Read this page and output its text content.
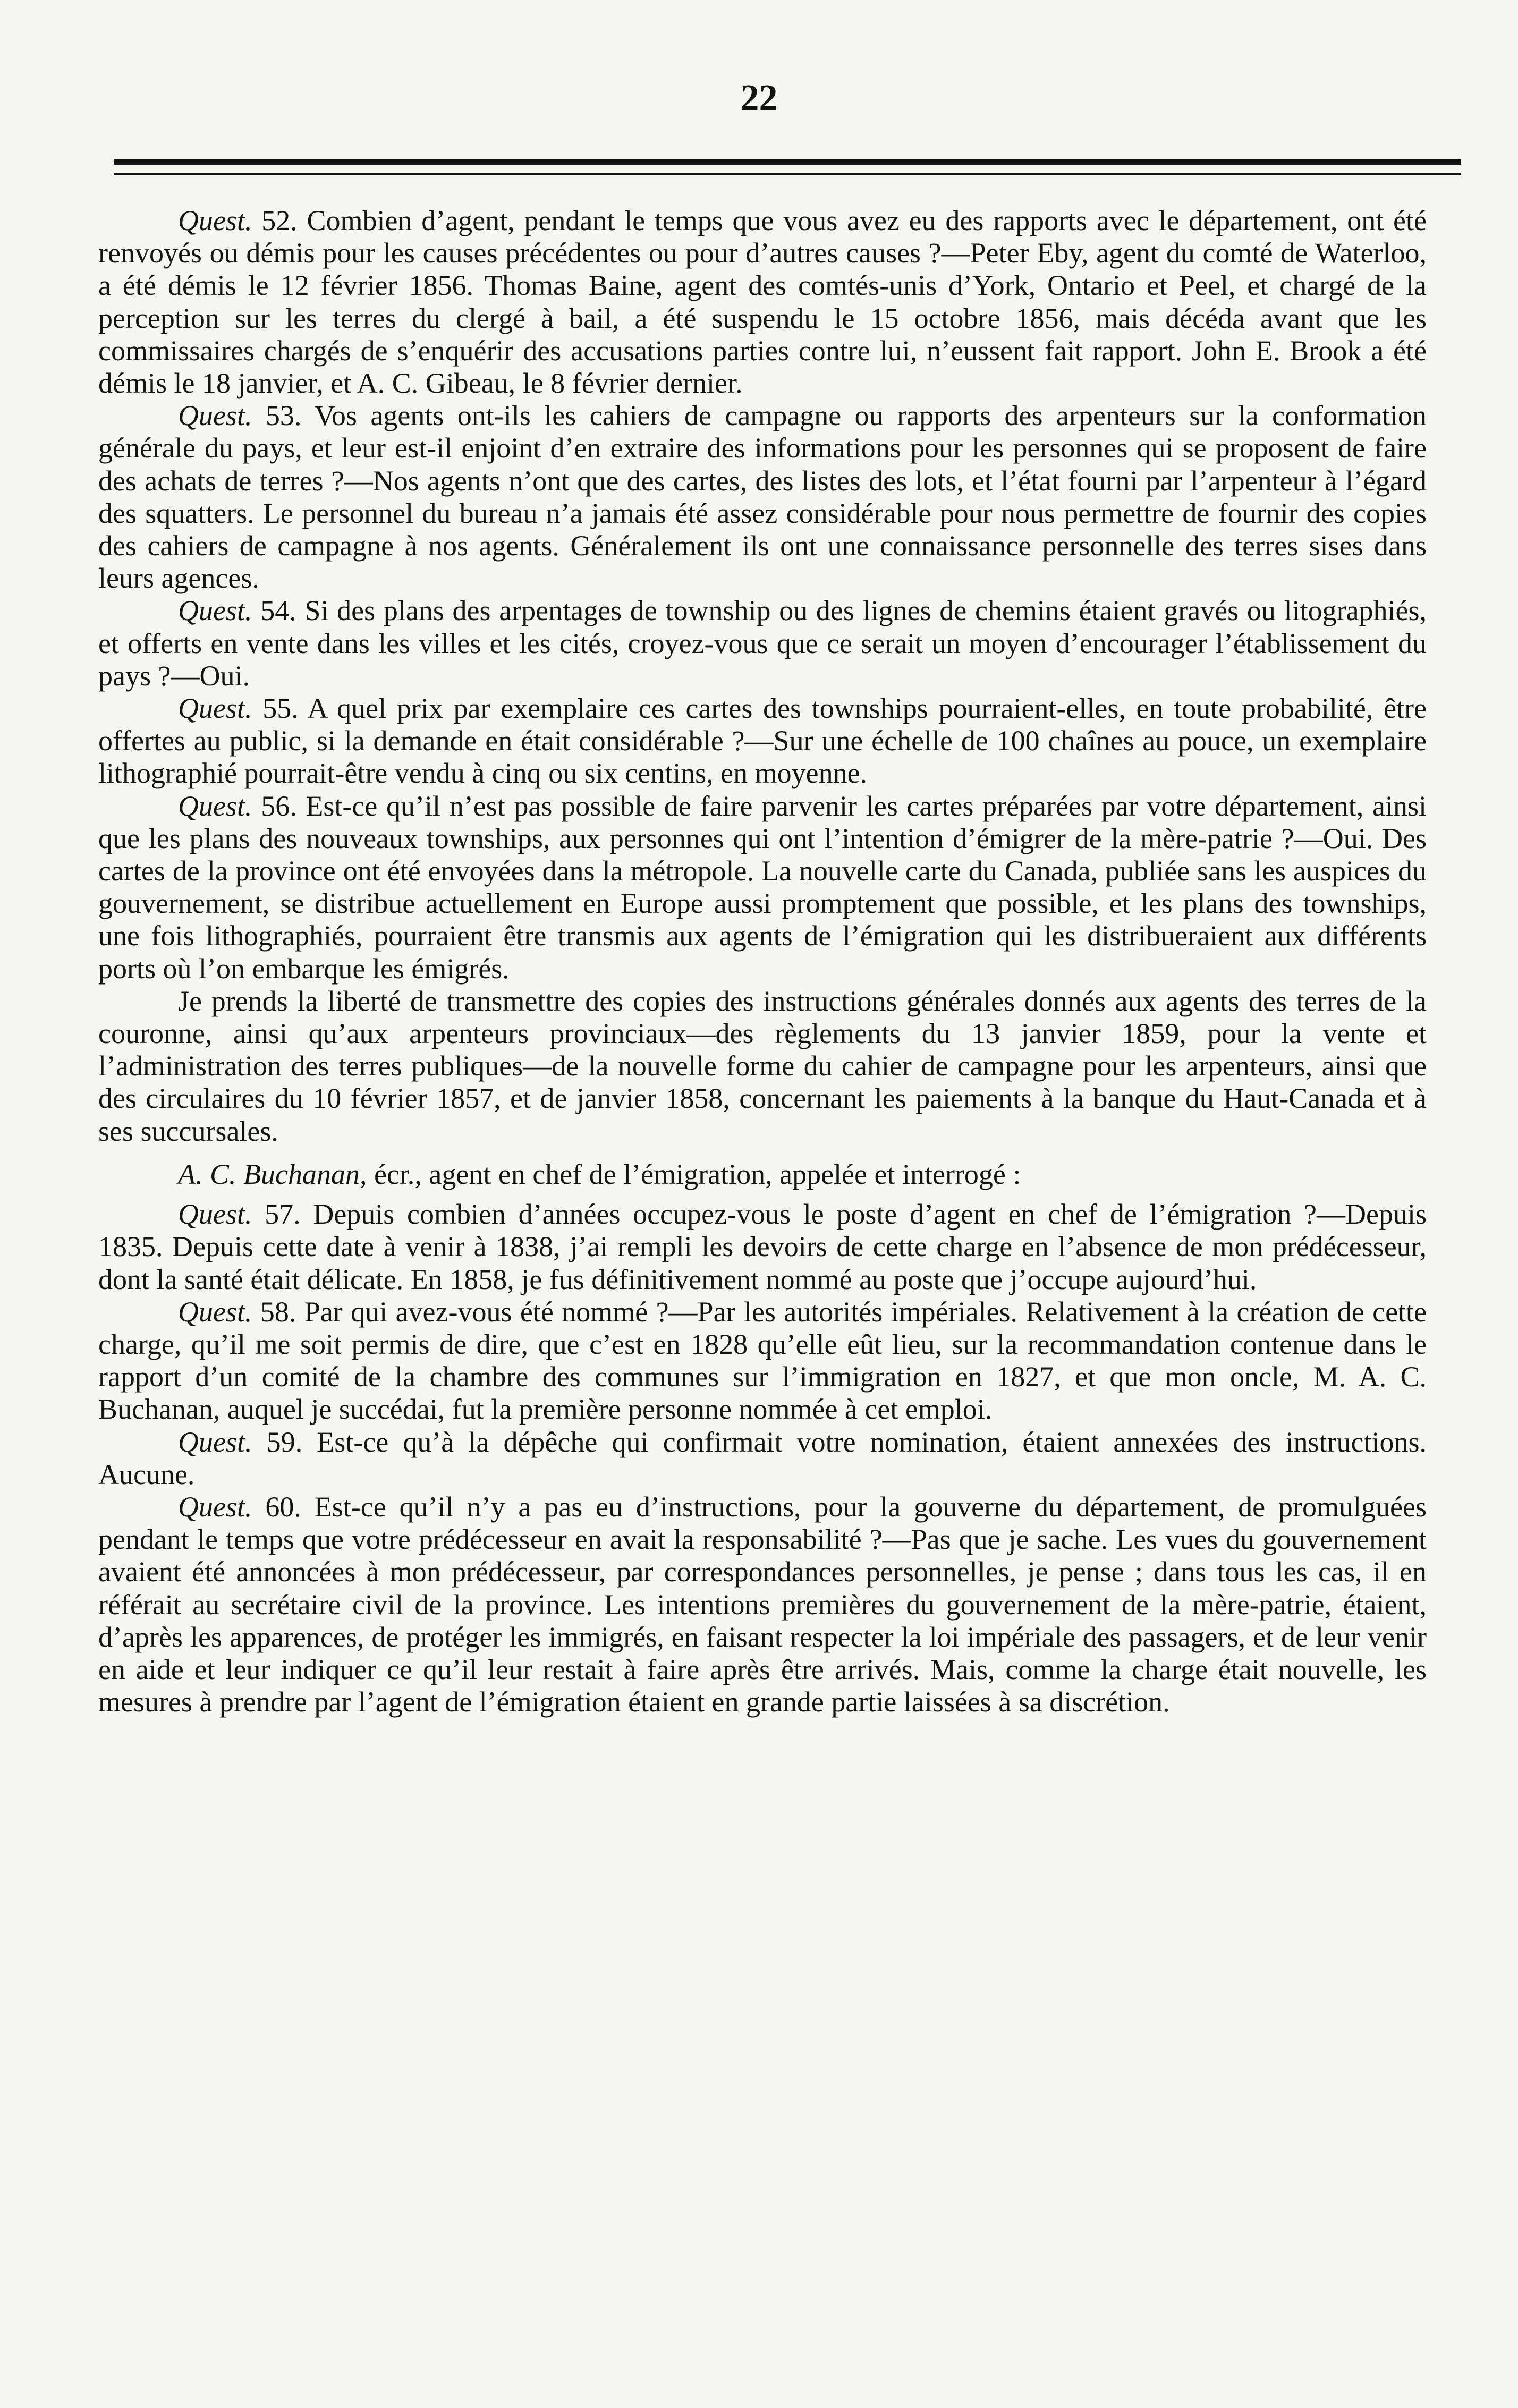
22

Quest. 52. Combien d’agent, pendant le temps que vous avez eu des rapports avec le département, ont été renvoyés ou démis pour les causes précédentes ou pour d’autres causes ?—Peter Eby, agent du comté de Waterloo, a été démis le 12 février 1856. Thomas Baine, agent des comtés-unis d’York, Ontario et Peel, et chargé de la perception sur les terres du clergé à bail, a été suspendu le 15 octobre 1856, mais décéda avant que les commissaires chargés de s’enquérir des accusations parties contre lui, n’eussent fait rapport. John E. Brook a été démis le 18 janvier, et A. C. Gibeau, le 8 février dernier.

Quest. 53. Vos agents ont-ils les cahiers de campagne ou rapports des arpenteurs sur la conformation générale du pays, et leur est-il enjoint d’en extraire des informations pour les personnes qui se proposent de faire des achats de terres ?—Nos agents n’ont que des cartes, des listes des lots, et l’état fourni par l’arpenteur à l’égard des squatters. Le personnel du bureau n’a jamais été assez considérable pour nous permettre de fournir des copies des cahiers de campagne à nos agents. Généralement ils ont une connaissance personnelle des terres sises dans leurs agences.

Quest. 54. Si des plans des arpentages de township ou des lignes de chemins étaient gravés ou litographiés, et offerts en vente dans les villes et les cités, croyez-vous que ce serait un moyen d’encourager l’établissement du pays ?—Oui.

Quest. 55. A quel prix par exemplaire ces cartes des townships pourraient-elles, en toute probabilité, être offertes au public, si la demande en était considérable ?—Sur une échelle de 100 chaînes au pouce, un exemplaire lithographié pourrait-être vendu à cinq ou six centins, en moyenne.

Quest. 56. Est-ce qu’il n’est pas possible de faire parvenir les cartes préparées par votre département, ainsi que les plans des nouveaux townships, aux personnes qui ont l’intention d’émigrer de la mère-patrie ?—Oui. Des cartes de la province ont été envoyées dans la métropole. La nouvelle carte du Canada, publiée sans les auspices du gouvernement, se distribue actuellement en Europe aussi promptement que possible, et les plans des townships, une fois lithographiés, pourraient être transmis aux agents de l’émigration qui les distribueraient aux différents ports où l’on embarque les émigrés.

Je prends la liberté de transmettre des copies des instructions générales donnés aux agents des terres de la couronne, ainsi qu’aux arpenteurs provinciaux—des règlements du 13 janvier 1859, pour la vente et l’administration des terres publiques—de la nouvelle forme du cahier de campagne pour les arpenteurs, ainsi que des circulaires du 10 février 1857, et de janvier 1858, concernant les paiements à la banque du Haut-Canada et à ses succursales.

A. C. Buchanan, écr., agent en chef de l’émigration, appelée et interrogé :

Quest. 57. Depuis combien d’années occupez-vous le poste d’agent en chef de l’émigration ?—Depuis 1835. Depuis cette date à venir à 1838, j’ai rempli les devoirs de cette charge en l’absence de mon prédécesseur, dont la santé était délicate. En 1858, je fus définitivement nommé au poste que j’occupe aujourd’hui.

Quest. 58. Par qui avez-vous été nommé ?—Par les autorités impériales. Relativement à la création de cette charge, qu’il me soit permis de dire, que c’est en 1828 qu’elle eût lieu, sur la recommandation contenue dans le rapport d’un comité de la chambre des communes sur l’immigration en 1827, et que mon oncle, M. A. C. Buchanan, auquel je succédai, fut la première personne nommée à cet emploi.

Quest. 59. Est-ce qu’à la dépêche qui confirmait votre nomination, étaient annexées des instructions. Aucune.

Quest. 60. Est-ce qu’il n’y a pas eu d’instructions, pour la gouverne du département, de promulguées pendant le temps que votre prédécesseur en avait la responsabilité ?—Pas que je sache. Les vues du gouvernement avaient été annoncées à mon prédécesseur, par correspondances personnelles, je pense ; dans tous les cas, il en référait au secrétaire civil de la province. Les intentions premières du gouvernement de la mère-patrie, étaient, d’après les apparences, de protéger les immigrés, en faisant respecter la loi impériale des passagers, et de leur venir en aide et leur indiquer ce qu’il leur restait à faire après être arrivés. Mais, comme la charge était nouvelle, les mesures à prendre par l’agent de l’émigration étaient en grande partie laissées à sa discrétion.
